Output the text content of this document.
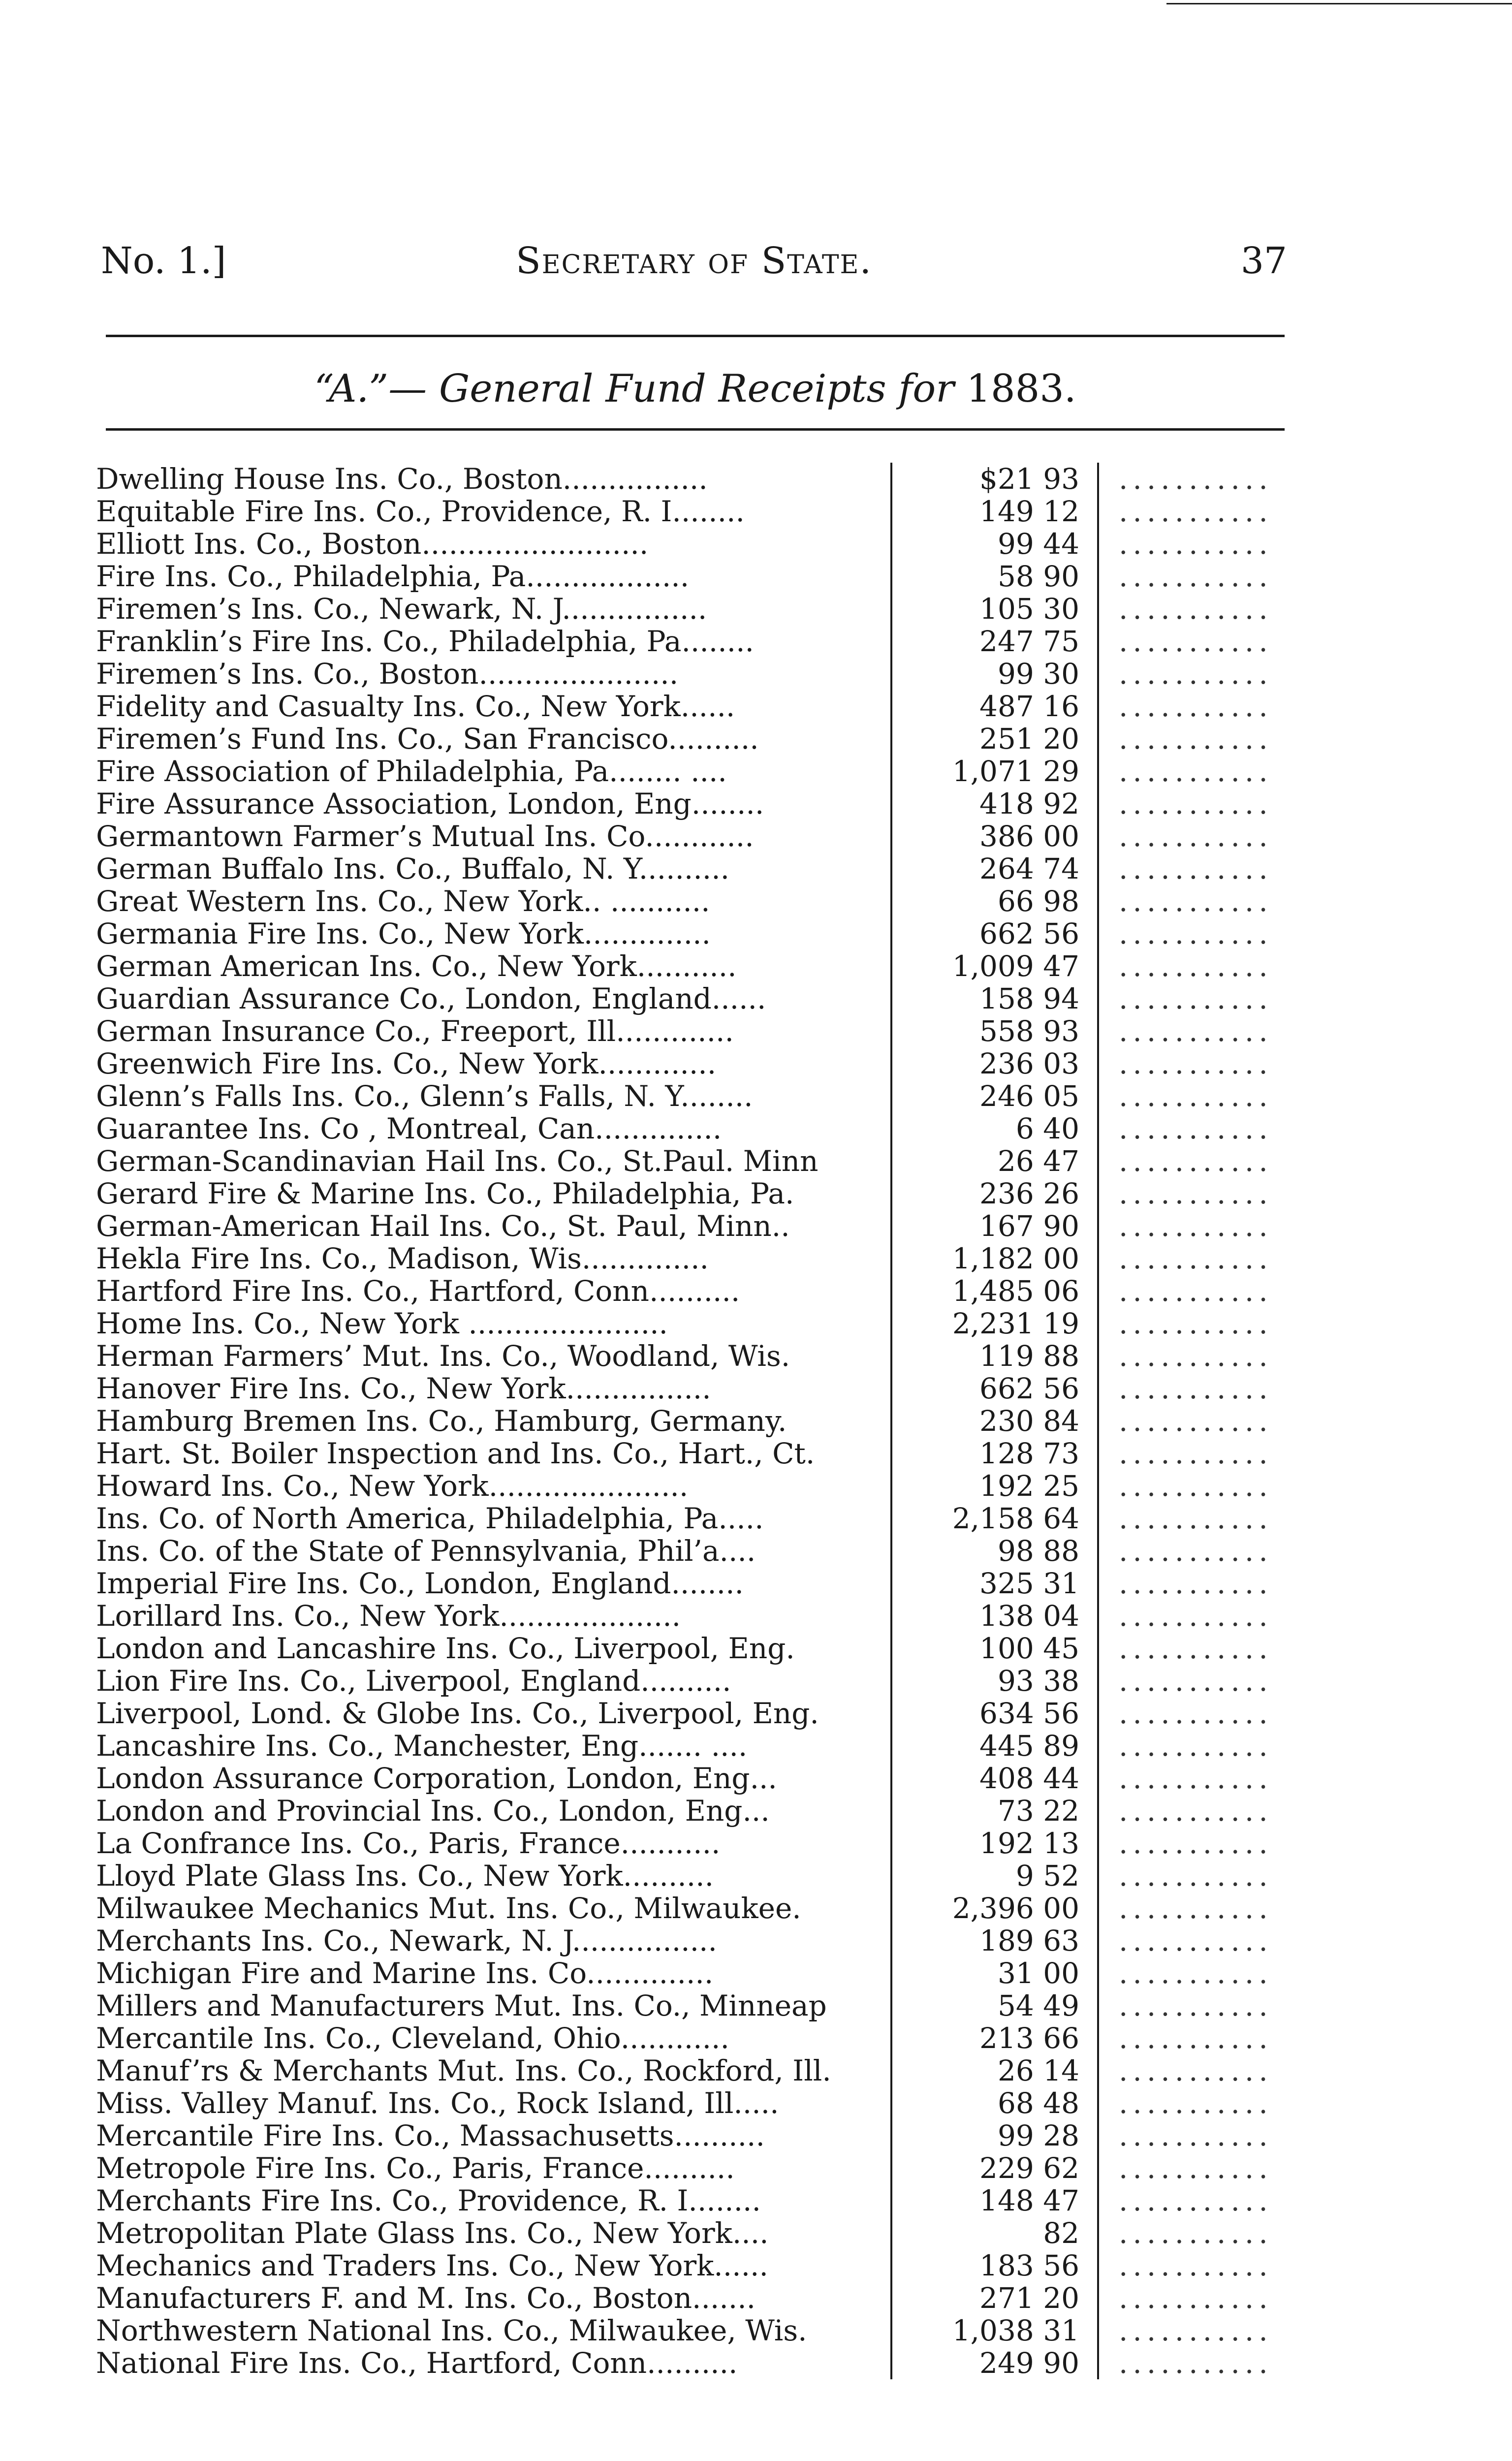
No. 1.]	Secretary of State.	37
“A.”— General Fund Receipts for 1883.
Dwelling House Ins. Co., Boston................	$21 93	...........
Equitable Fire Ins. Co., Providence, R. I........	149 12	...........
Elliott Ins. Co., Boston.........................	99 44	...........
Fire Ins. Co., Philadelphia, Pa..................	58 90	...........
Firemen’s Ins. Co., Newark, N. J................	105 30	...........
Franklin’s Fire Ins. Co., Philadelphia, Pa........	247 75	...........
Firemen’s Ins. Co., Boston......................	99 30	...........
Fidelity and Casualty Ins. Co., New York......	487 16	...........
Firemen’s Fund Ins. Co., San Francisco..........	251 20	...........
Fire Association of Philadelphia, Pa........ ....	1,071 29	...........
Fire Assurance Association, London, Eng........	418 92	...........
Germantown Farmer’s Mutual Ins. Co............	386 00	...........
German Buffalo Ins. Co., Buffalo, N. Y..........	264 74	...........
Great Western Ins. Co., New York.. ...........	66 98	...........
Germania Fire Ins. Co., New York..............	662 56	...........
German American Ins. Co., New York...........	1,009 47	...........
Guardian Assurance Co., London, England......	158 94	...........
German Insurance Co., Freeport, Ill.............	558 93	...........
Greenwich Fire Ins. Co., New York.............	236 03	...........
Glenn’s Falls Ins. Co., Glenn’s Falls, N. Y........	246 05	...........
Guarantee Ins. Co , Montreal, Can..............	6 40	...........
German-Scandinavian Hail Ins. Co., St.Paul. Minn	26 47	...........
Gerard Fire & Marine Ins. Co., Philadelphia, Pa.	236 26	...........
German-American Hail Ins. Co., St. Paul, Minn..	167 90	...........
Hekla Fire Ins. Co., Madison, Wis..............	1,182 00	...........
Hartford Fire Ins. Co., Hartford, Conn..........	1,485 06	...........
Home Ins. Co., New York ......................	2,231 19	...........
Herman Farmers’ Mut. Ins. Co., Woodland, Wis.	119 88	...........
Hanover Fire Ins. Co., New York................	662 56	...........
Hamburg Bremen Ins. Co., Hamburg, Germany.	230 84	...........
Hart. St. Boiler Inspection and Ins. Co., Hart., Ct.	128 73	...........
Howard Ins. Co., New York......................	192 25	...........
Ins. Co. of North America, Philadelphia, Pa.....	2,158 64	...........
Ins. Co. of the State of Pennsylvania, Phil’a....	98 88	...........
Imperial Fire Ins. Co., London, England........	325 31	...........
Lorillard Ins. Co., New York....................	138 04	...........
London and Lancashire Ins. Co., Liverpool, Eng.	100 45	...........
Lion Fire Ins. Co., Liverpool, England..........	93 38	...........
Liverpool, Lond. & Globe Ins. Co., Liverpool, Eng.	634 56	...........
Lancashire Ins. Co., Manchester, Eng....... ....	445 89	...........
London Assurance Corporation, London, Eng...	408 44	...........
London and Provincial Ins. Co., London, Eng...	73 22	...........
La Confrance Ins. Co., Paris, France...........	192 13	...........
Lloyd Plate Glass Ins. Co., New York..........	9 52	...........
Milwaukee Mechanics Mut. Ins. Co., Milwaukee.	2,396 00	...........
Merchants Ins. Co., Newark, N. J................	189 63	...........
Michigan Fire and Marine Ins. Co..............	31 00	...........
Millers and Manufacturers Mut. Ins. Co., Minneap	54 49	...........
Mercantile Ins. Co., Cleveland, Ohio............	213 66	...........
Manuf’rs & Merchants Mut. Ins. Co., Rockford, Ill.	26 14	...........
Miss. Valley Manuf. Ins. Co., Rock Island, Ill.....	68 48	...........
Mercantile Fire Ins. Co., Massachusetts..........	99 28	...........
Metropole Fire Ins. Co., Paris, France..........	229 62	...........
Merchants Fire Ins. Co., Providence, R. I........	148 47	...........
Metropolitan Plate Glass Ins. Co., New York....	82	...........
Mechanics and Traders Ins. Co., New York......	183 56	...........
Manufacturers F. and M. Ins. Co., Boston.......	271 20	...........
Northwestern National Ins. Co., Milwaukee, Wis.	1,038 31	...........
National Fire Ins. Co., Hartford, Conn..........	249 90	...........
